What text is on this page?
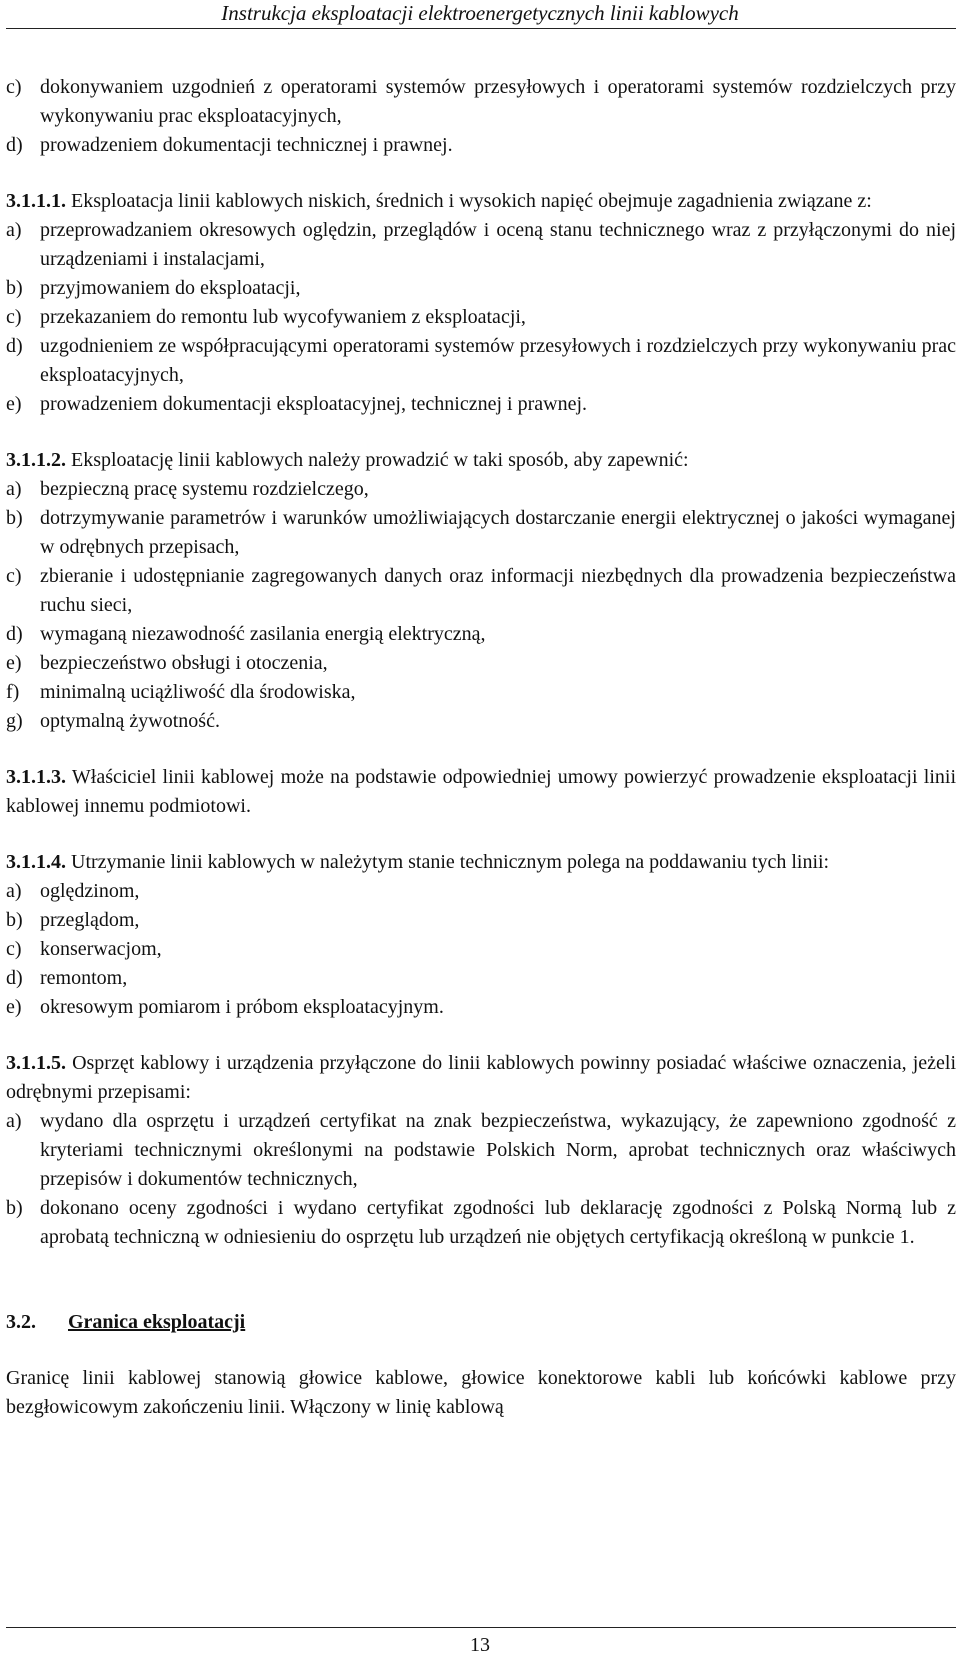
Instrukcja eksploatacji elektroenergetycznych linii kablowych
c) dokonywaniem uzgodnień z operatorami systemów przesyłowych i operatorami systemów rozdzielczych przy wykonywaniu prac eksploatacyjnych,
d) prowadzeniem dokumentacji technicznej i prawnej.

3.1.1.1. Eksploatacja linii kablowych niskich, średnich i wysokich napięć obejmuje zagadnienia związane z:

a) przeprowadzaniem okresowych oględzin, przeglądów i oceną stanu technicznego wraz z przyłączonymi do niej urządzeniami i instalacjami,
b) przyjmowaniem do eksploatacji,
c) przekazaniem do remontu lub wycofywaniem z eksploatacji,
d) uzgodnieniem ze współpracującymi operatorami systemów przesyłowych i rozdzielczych przy wykonywaniu prac eksploatacyjnych,
e) prowadzeniem dokumentacji eksploatacyjnej, technicznej i prawnej.

3.1.1.2. Eksploatację linii kablowych należy prowadzić w taki sposób, aby zapewnić:

a) bezpieczną pracę systemu rozdzielczego,
b) dotrzymywanie parametrów i warunków umożliwiających dostarczanie energii elektrycznej o jakości wymaganej w odrębnych przepisach,
c) zbieranie i udostępnianie zagregowanych danych oraz informacji niezbędnych dla prowadzenia bezpieczeństwa ruchu sieci,
d) wymaganą niezawodność zasilania energią elektryczną,
e) bezpieczeństwo obsługi i otoczenia,
f)	minimalną uciążliwość dla środowiska,
g) optymalną żywotność.

3.1.1.3. Właściciel linii kablowej może na podstawie odpowiedniej umowy powierzyć prowadzenie eksploatacji linii kablowej innemu podmiotowi.

3.1.1.4. Utrzymanie linii kablowych w należytym stanie technicznym polega na poddawaniu tych linii:

a) oględzinom,
b) przeglądom,
c) konserwacjom,
d) remontom,
e) okresowym pomiarom i próbom eksploatacyjnym.

3.1.1.5. Osprzęt kablowy i urządzenia przyłączone do linii kablowych powinny posiadać właściwe oznaczenia, jeżeli odrębnymi przepisami:

a) wydano dla osprzętu i urządzeń certyfikat na znak bezpieczeństwa, wykazujący, że zapewniono zgodność z kryteriami technicznymi określonymi na podstawie Polskich Norm, aprobat technicznych oraz właściwych przepisów i dokumentów technicznych,
b) dokonano oceny zgodności i wydano certyfikat zgodności lub deklarację zgodności z Polską Normą lub z aprobatą techniczną w odniesieniu do osprzętu lub urządzeń nie objętych certyfikacją określoną w punkcie 1.

3.2. Granica eksploatacji

Granicę linii kablowej stanowią głowice kablowe, głowice konektorowe kabli lub końcówki kablowe przy bezgłowicowym zakończeniu linii. Włączony w linię kablową

13
